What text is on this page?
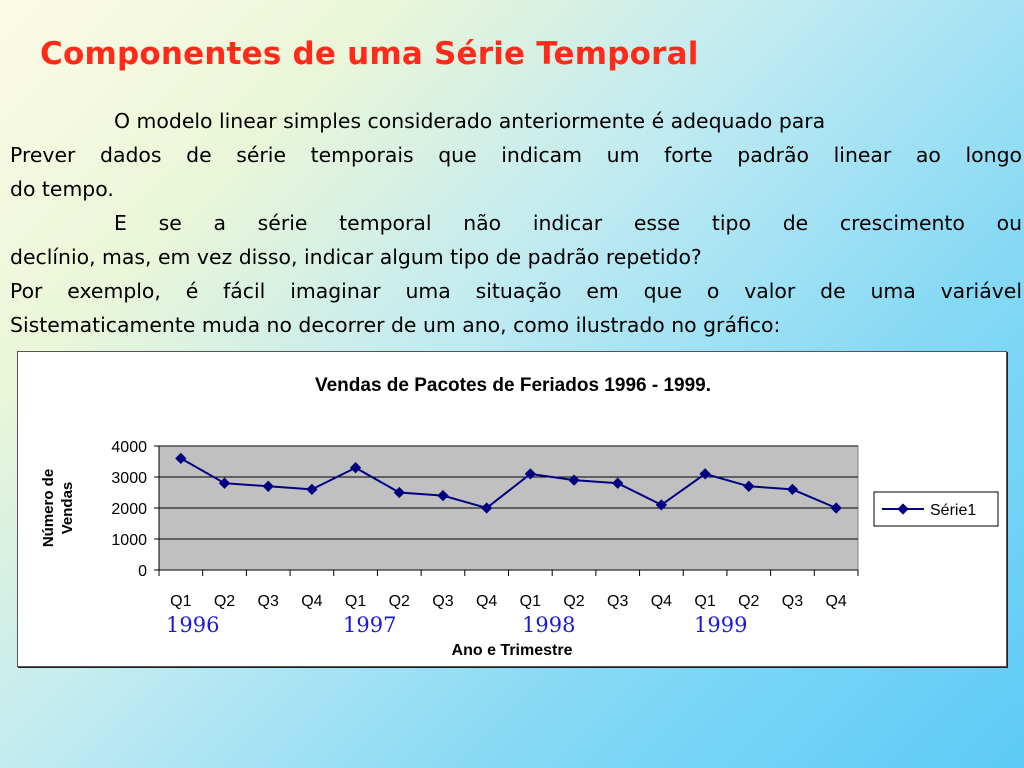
Componentes de uma Série Temporal

O modelo linear simples considerado anteriormente é adequado para

Prever dados de série temporais que indicam um forte padrão linear ao longo

do tempo.

E se a série temporal não indicar esse tipo de crescimento ou

declínio, mas, em vez disso, indicar algum tipo de padrão repetido?

Por exemplo, é fácil imaginar uma situação em que o valor de uma variável

Sistematicamente muda no decorrer de um ano, como ilustrado no gráfico:

Vendas de Pacotes de Feriados 1996 - 1999.
Número de Vendas
Ano e Trimestre
0
1000
2000
3000
4000
Q1 Q2 Q3 Q4 Q1 Q2 Q3 Q4 Q1 Q2 Q3 Q4 Q1 Q2 Q3 Q4
Série1
1996	1997	1998	1999
